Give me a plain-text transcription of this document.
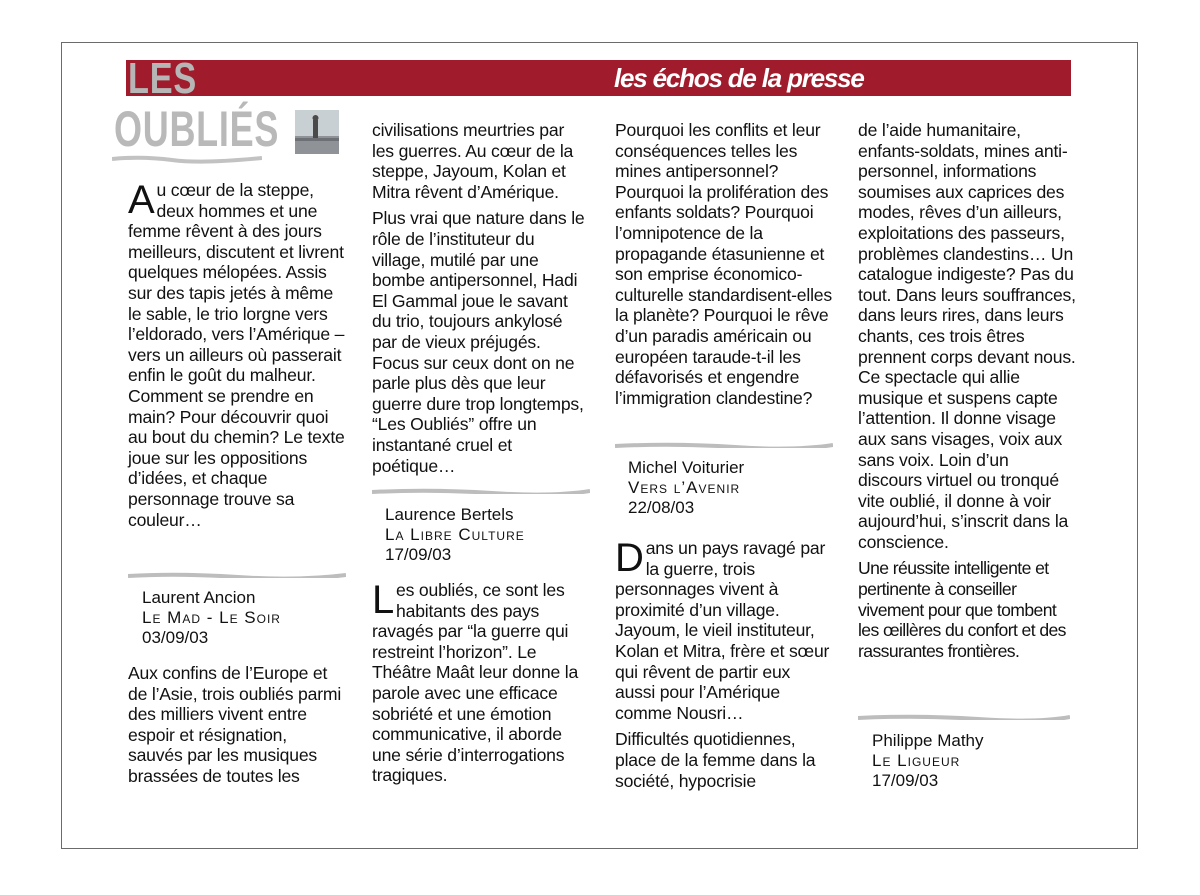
les échos de la presse
LES
OUBLIÉS

Au cœur de la steppe, deux hommes et une femme rêvent à des jours meilleurs, discutent et livrent quelques mélopées. Assis sur des tapis jetés à même le sable, le trio lorgne vers l’eldorado, vers l’Amérique – vers un ailleurs où passerait enfin le goût du malheur. Comment se prendre en main? Pour découvrir quoi au bout du chemin? Le texte joue sur les oppositions d’idées, et chaque personnage trouve sa couleur…

Laurent Ancion
Le Mad - Le Soir
03/09/03

Aux confins de l’Europe et de l’Asie, trois oubliés parmi des milliers vivent entre espoir et résignation, sauvés par les musiques brassées de toutes les

civilisations meurtries par les guerres. Au cœur de la steppe, Jayoum, Kolan et Mitra rêvent d’Amérique.

Plus vrai que nature dans le rôle de l’instituteur du village, mutilé par une bombe antipersonnel, Hadi El Gammal joue le savant du trio, toujours ankylosé par de vieux préjugés. Focus sur ceux dont on ne parle plus dès que leur guerre dure trop longtemps, “Les Oubliés” offre un instantané cruel et poétique…

Laurence Bertels
La Libre Culture
17/09/03

Les oubliés, ce sont les habitants des pays ravagés par “la guerre qui restreint l’horizon”. Le Théâtre Maât leur donne la parole avec une efficace sobriété et une émotion communicative, il aborde une série d’interrogations tragiques.

Pourquoi les conflits et leur conséquences telles les mines antipersonnel? Pourquoi la prolifération des enfants soldats? Pourquoi l’omnipotence de la propagande étasunienne et son emprise économico-culturelle standardisent-elles la planète? Pourquoi le rêve d’un paradis américain ou européen taraude-t-il les défavorisés et engendre l’immigration clandestine?

Michel Voiturier
Vers l’Avenir
22/08/03

Dans un pays ravagé par la guerre, trois personnages vivent à proximité d’un village. Jayoum, le vieil instituteur, Kolan et Mitra, frère et sœur qui rêvent de partir eux aussi pour l’Amérique comme Nousri…

Difficultés quotidiennes, place de la femme dans la société, hypocrisie

de l’aide humanitaire, enfants-soldats, mines anti-personnel, informations soumises aux caprices des modes, rêves d’un ailleurs, exploitations des passeurs, problèmes clandestins… Un catalogue indigeste? Pas du tout. Dans leurs souffrances, dans leurs rires, dans leurs chants, ces trois êtres prennent corps devant nous. Ce spectacle qui allie musique et suspens capte l’attention. Il donne visage aux sans visages, voix aux sans voix. Loin d’un discours virtuel ou tronqué vite oublié, il donne à voir aujourd’hui, s’inscrit dans la conscience.

Une réussite intelligente et pertinente à conseiller vivement pour que tombent les œillères du confort et des rassurantes frontières.

Philippe Mathy
Le Ligueur
17/09/03
